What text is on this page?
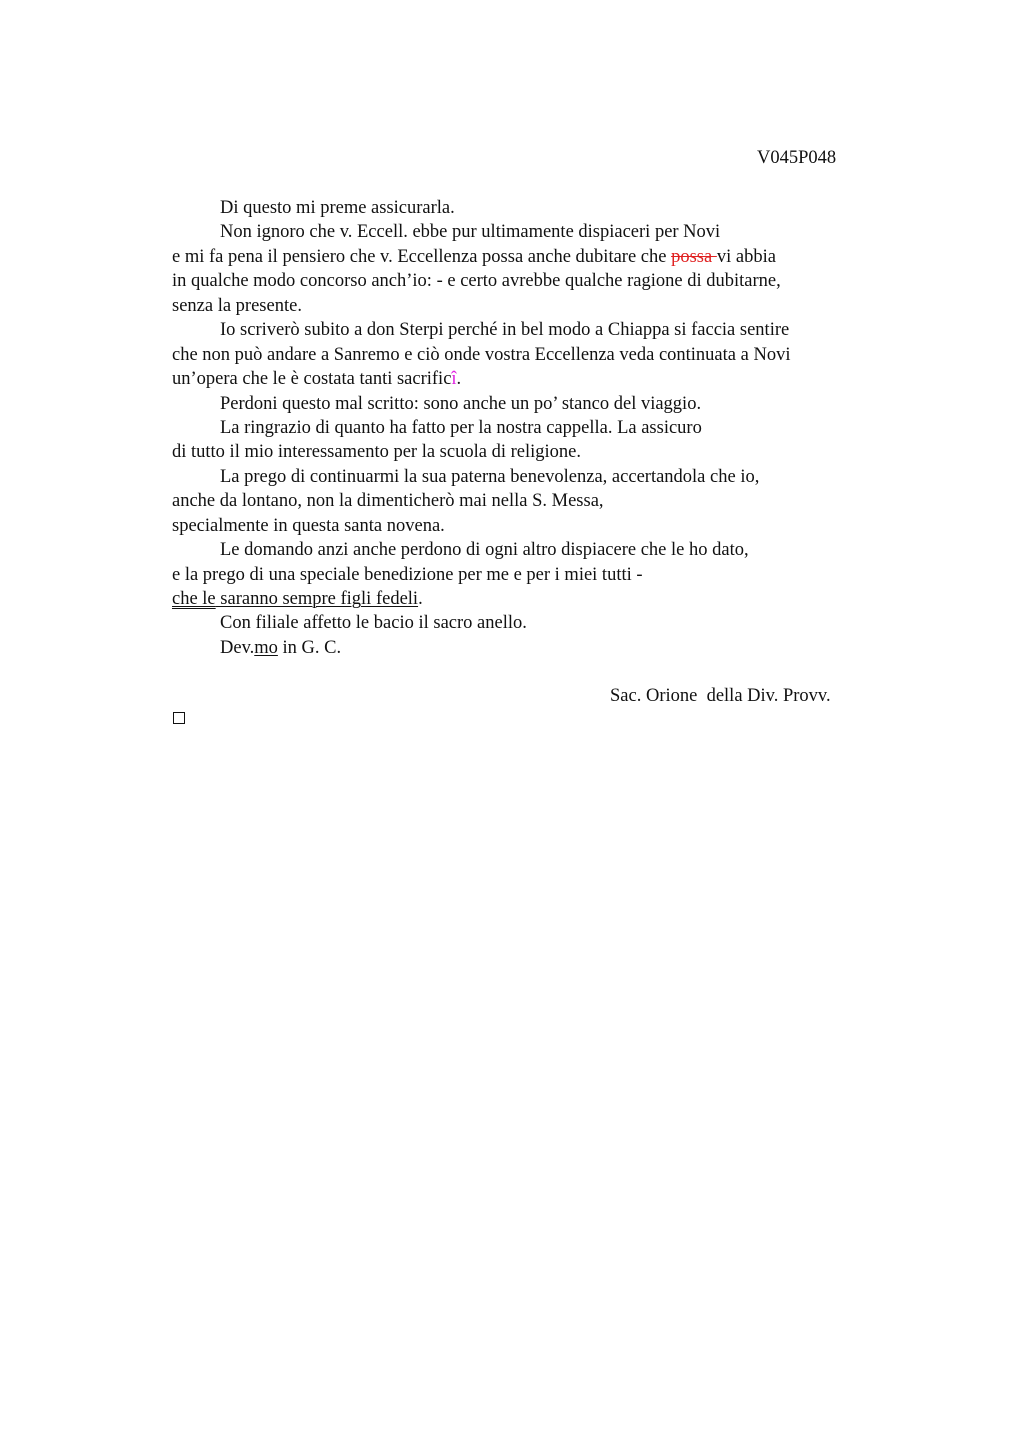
V045P048
Di questo mi preme assicurarla.
Non ignoro che v. Eccell. ebbe pur ultimamente dispiaceri per Novi
e mi fa pena il pensiero che v. Eccellenza possa anche dubitare che possa vi abbia
in qualche modo concorso anch’io: - e certo avrebbe qualche ragione di dubitarne,
senza la presente.
Io scriverò subito a don Sterpi perché in bel modo a Chiappa si faccia sentire
che non può andare a Sanremo e ciò onde vostra Eccellenza veda continuata a Novi
un’opera che le è costata tanti sacrificî.
Perdoni questo mal scritto: sono anche un po’ stanco del viaggio.
La ringrazio di quanto ha fatto per la nostra cappella. La assicuro
di tutto il mio interessamento per la scuola di religione.
La prego di continuarmi la sua paterna benevolenza, accertandola che io,
anche da lontano, non la dimenticherò mai nella S. Messa,
specialmente in questa santa novena.
Le domando anzi anche perdono di ogni altro dispiacere che le ho dato,
e la prego di una speciale benedizione per me e per i miei tutti -
che le saranno sempre figli fedeli.
Con filiale affetto le bacio il sacro anello.
Dev.mo in G. C.
Sac. Orione  della Div. Provv.
